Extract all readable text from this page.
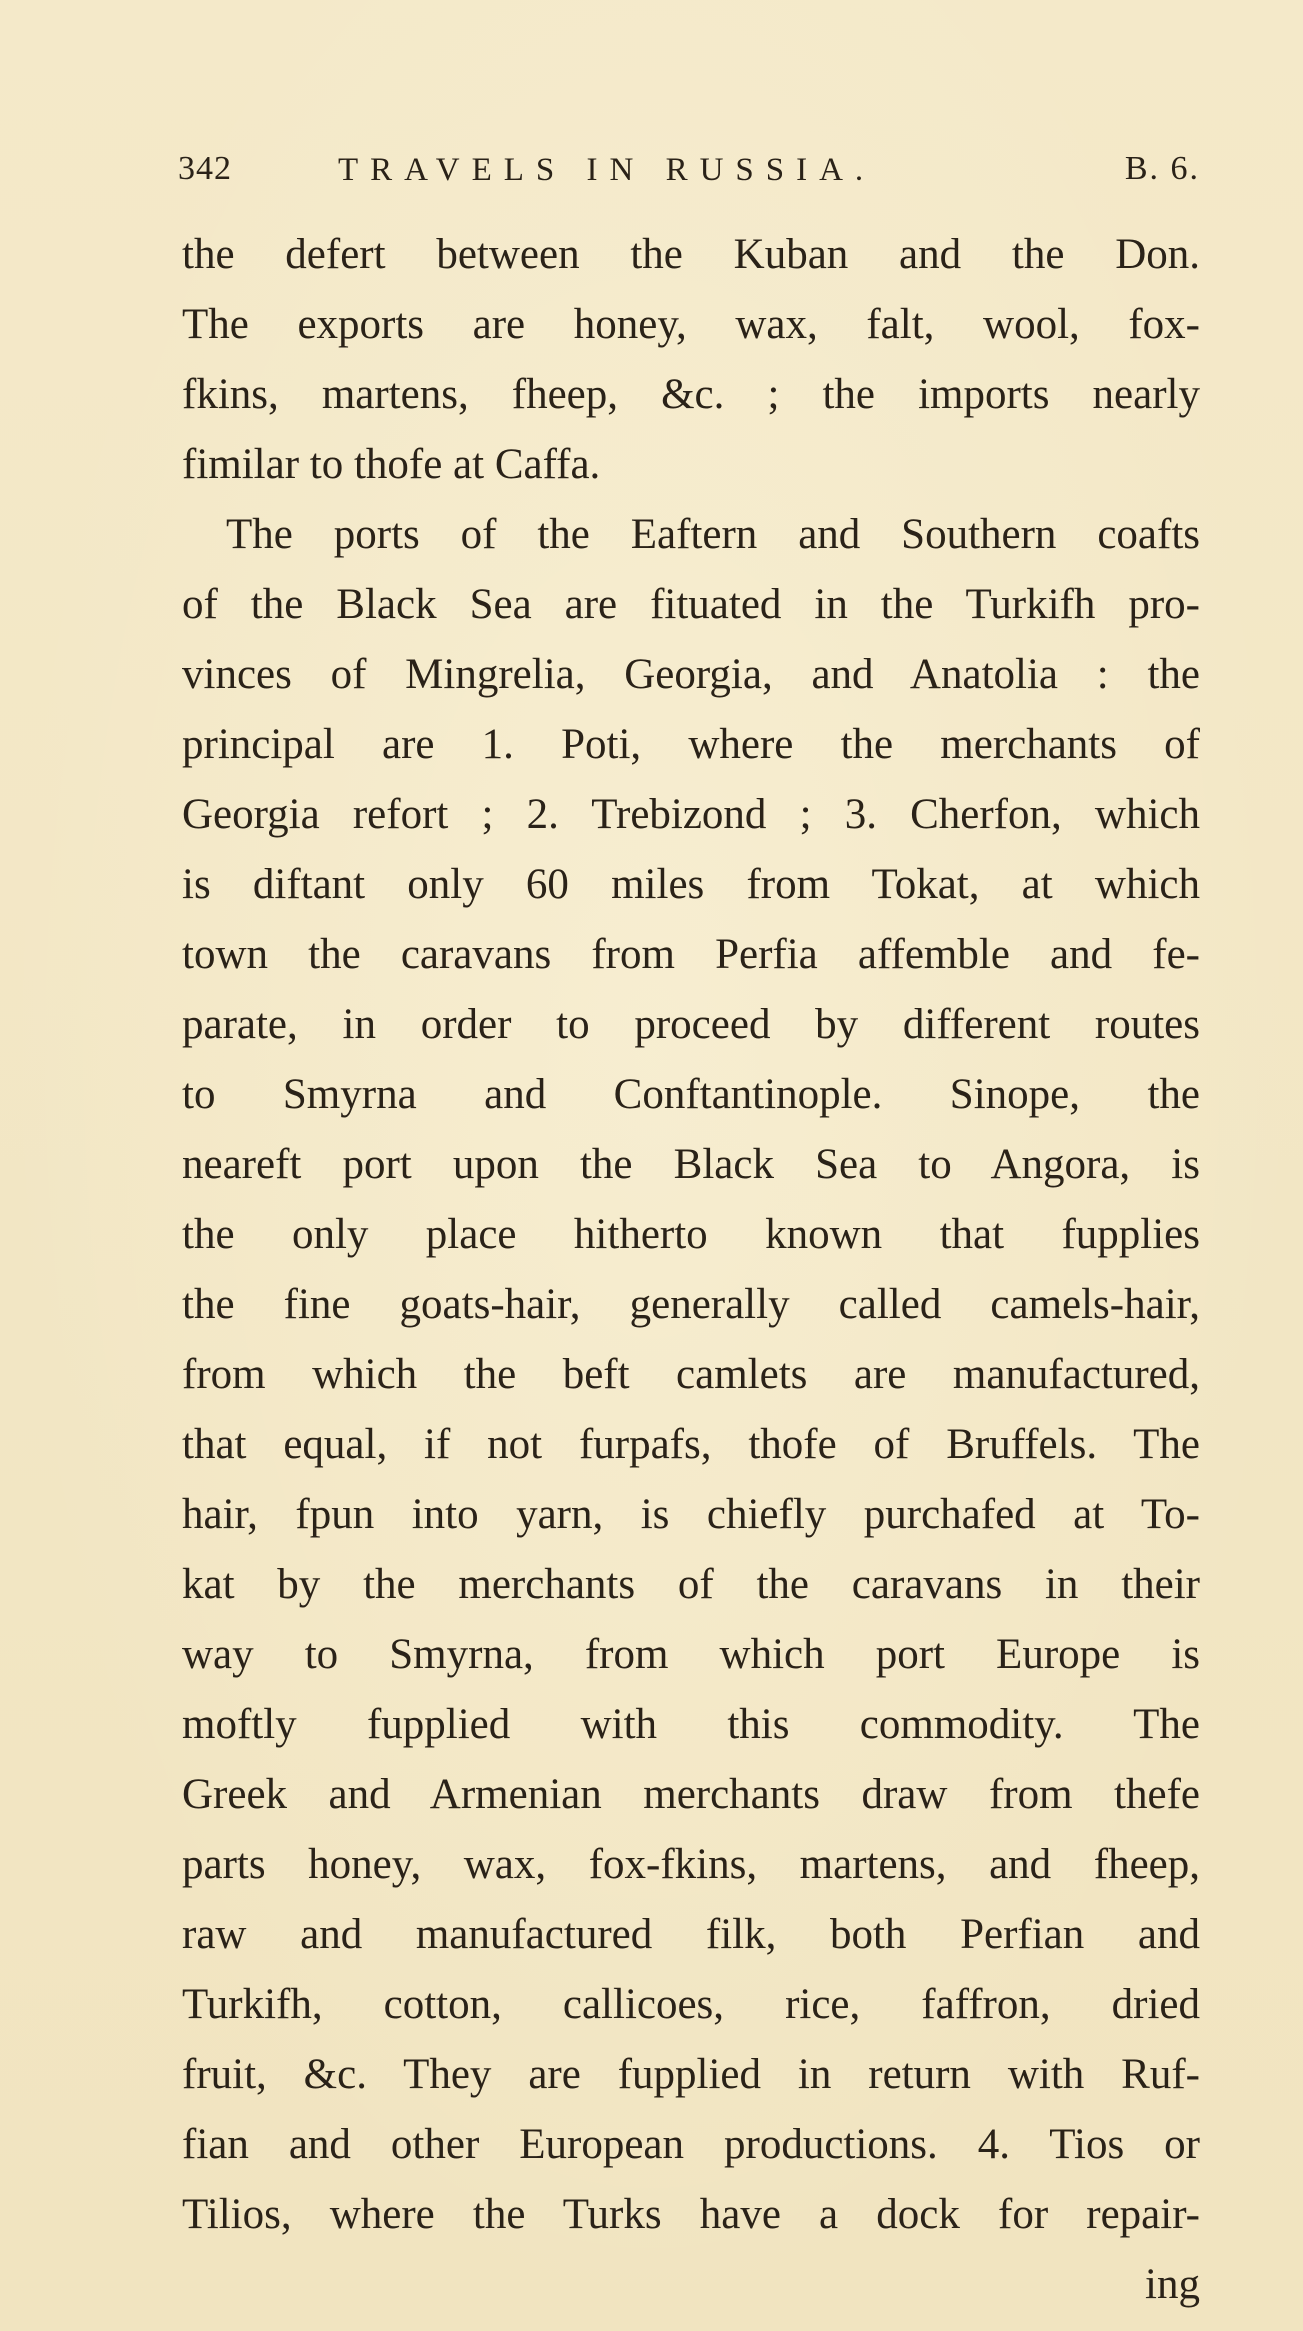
342	TRAVELS IN RUSSIA.	B. 6.
the defert between the Kuban and the Don.
The exports are honey, wax, falt, wool, fox-
fkins, martens, fheep, &c. ; the imports nearly
fimilar to thofe at Caffa.
The ports of the Eaftern and Southern coafts
of the Black Sea are fituated in the Turkifh pro-
vinces of Mingrelia, Georgia, and Anatolia : the
principal are 1. Poti, where the merchants of
Georgia refort ; 2. Trebizond ; 3. Cherfon, which
is diftant only 60 miles from Tokat, at which
town the caravans from Perfia affemble and fe-
parate, in order to proceed by different routes
to Smyrna and Conftantinople. Sinope, the
neareft port upon the Black Sea to Angora, is
the only place hitherto known that fupplies
the fine goats-hair, generally called camels-hair,
from which the beft camlets are manufactured,
that equal, if not furpafs, thofe of Bruffels. The
hair, fpun into yarn, is chiefly purchafed at To-
kat by the merchants of the caravans in their
way to Smyrna, from which port Europe is
moftly fupplied with this commodity. The
Greek and Armenian merchants draw from thefe
parts honey, wax, fox-fkins, martens, and fheep,
raw and manufactured filk, both Perfian and
Turkifh, cotton, callicoes, rice, faffron, dried
fruit, &c. They are fupplied in return with Ruf-
fian and other European productions. 4. Tios or
Tilios, where the Turks have a dock for repair-
ing
